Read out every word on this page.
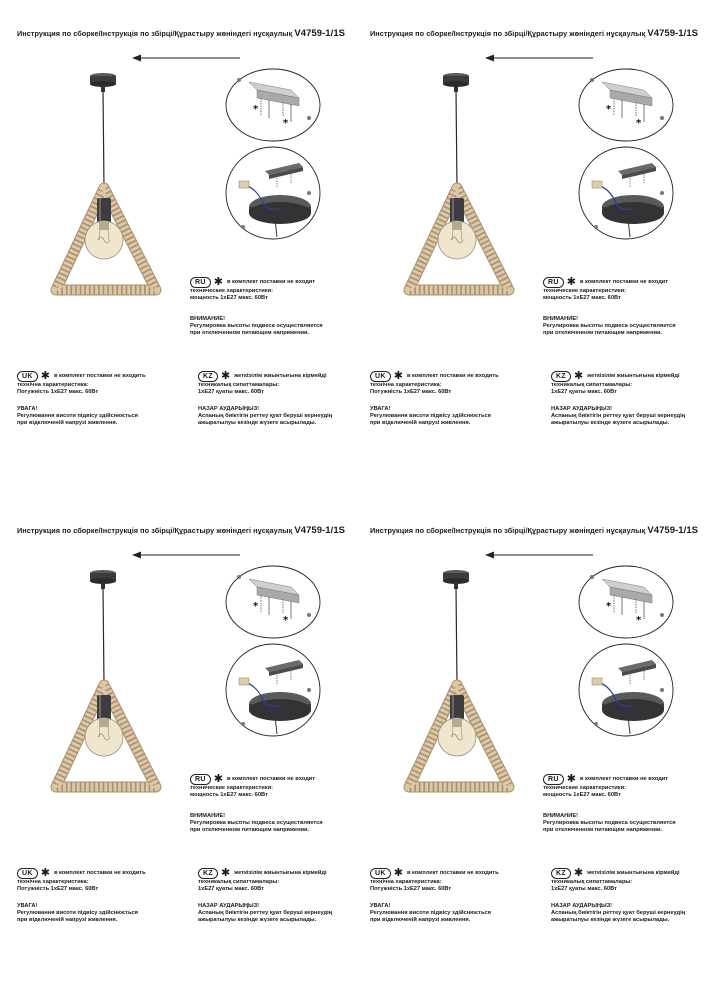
Инструкция по сборке/Інструкція по збірці/Құрастыру жөніндегі нұсқаулық V4759-1/1S
*
*
RU ✱ в комплект поставки не входит
технические характеристики:
мощность 1хЕ27 макс. 60Вт
ВНИМАНИЕ!
Регулировка высоты подвеса осуществляется
при отключенном питающем напряжении.
UK ✱ в комплект поставки не входить
технічна характеристика:
Потужність 1хЕ27 макс. 60Вт
УВАГА!
Регулювання висоти підвісу здійснюється
при відключеній напрузі живлення.
KZ ✱ жеткізілім жиынтығына кірмейді
техникалық сипаттамалары:
1хЕ27 қуаты макс. 60Вт
НАЗАР АУДАРЫҢЫЗ!
Аспаның биіктігін реттеу қуат беруші кернеудің
ажыратылуы кезінде жүзеге асырылады.
Инструкция по сборке/Інструкція по збірці/Құрастыру жөніндегі нұсқаулық V4759-1/1S
*
*
RU ✱ в комплект поставки не входит
технические характеристики:
мощность 1хЕ27 макс. 60Вт
ВНИМАНИЕ!
Регулировка высоты подвеса осуществляется
при отключенном питающем напряжении.
UK ✱ в комплект поставки не входить
технічна характеристика:
Потужність 1хЕ27 макс. 60Вт
УВАГА!
Регулювання висоти підвісу здійснюється
при відключеній напрузі живлення.
KZ ✱ жеткізілім жиынтығына кірмейді
техникалық сипаттамалары:
1хЕ27 қуаты макс. 60Вт
НАЗАР АУДАРЫҢЫЗ!
Аспаның биіктігін реттеу қуат беруші кернеудің
ажыратылуы кезінде жүзеге асырылады.
Инструкция по сборке/Інструкція по збірці/Құрастыру жөніндегі нұсқаулық V4759-1/1S
*
*
RU ✱ в комплект поставки не входит
технические характеристики:
мощность 1хЕ27 макс. 60Вт
ВНИМАНИЕ!
Регулировка высоты подвеса осуществляется
при отключенном питающем напряжении.
UK ✱ в комплект поставки не входить
технічна характеристика:
Потужність 1хЕ27 макс. 60Вт
УВАГА!
Регулювання висоти підвісу здійснюється
при відключеній напрузі живлення.
KZ ✱ жеткізілім жиынтығына кірмейді
техникалық сипаттамалары:
1хЕ27 қуаты макс. 60Вт
НАЗАР АУДАРЫҢЫЗ!
Аспаның биіктігін реттеу қуат беруші кернеудің
ажыратылуы кезінде жүзеге асырылады.
Инструкция по сборке/Інструкція по збірці/Құрастыру жөніндегі нұсқаулық V4759-1/1S
*
*
RU ✱ в комплект поставки не входит
технические характеристики:
мощность 1хЕ27 макс. 60Вт
ВНИМАНИЕ!
Регулировка высоты подвеса осуществляется
при отключенном питающем напряжении.
UK ✱ в комплект поставки не входить
технічна характеристика:
Потужність 1хЕ27 макс. 60Вт
УВАГА!
Регулювання висоти підвісу здійснюється
при відключеній напрузі живлення.
KZ ✱ жеткізілім жиынтығына кірмейді
техникалық сипаттамалары:
1хЕ27 қуаты макс. 60Вт
НАЗАР АУДАРЫҢЫЗ!
Аспаның биіктігін реттеу қуат беруші кернеудің
ажыратылуы кезінде жүзеге асырылады.
